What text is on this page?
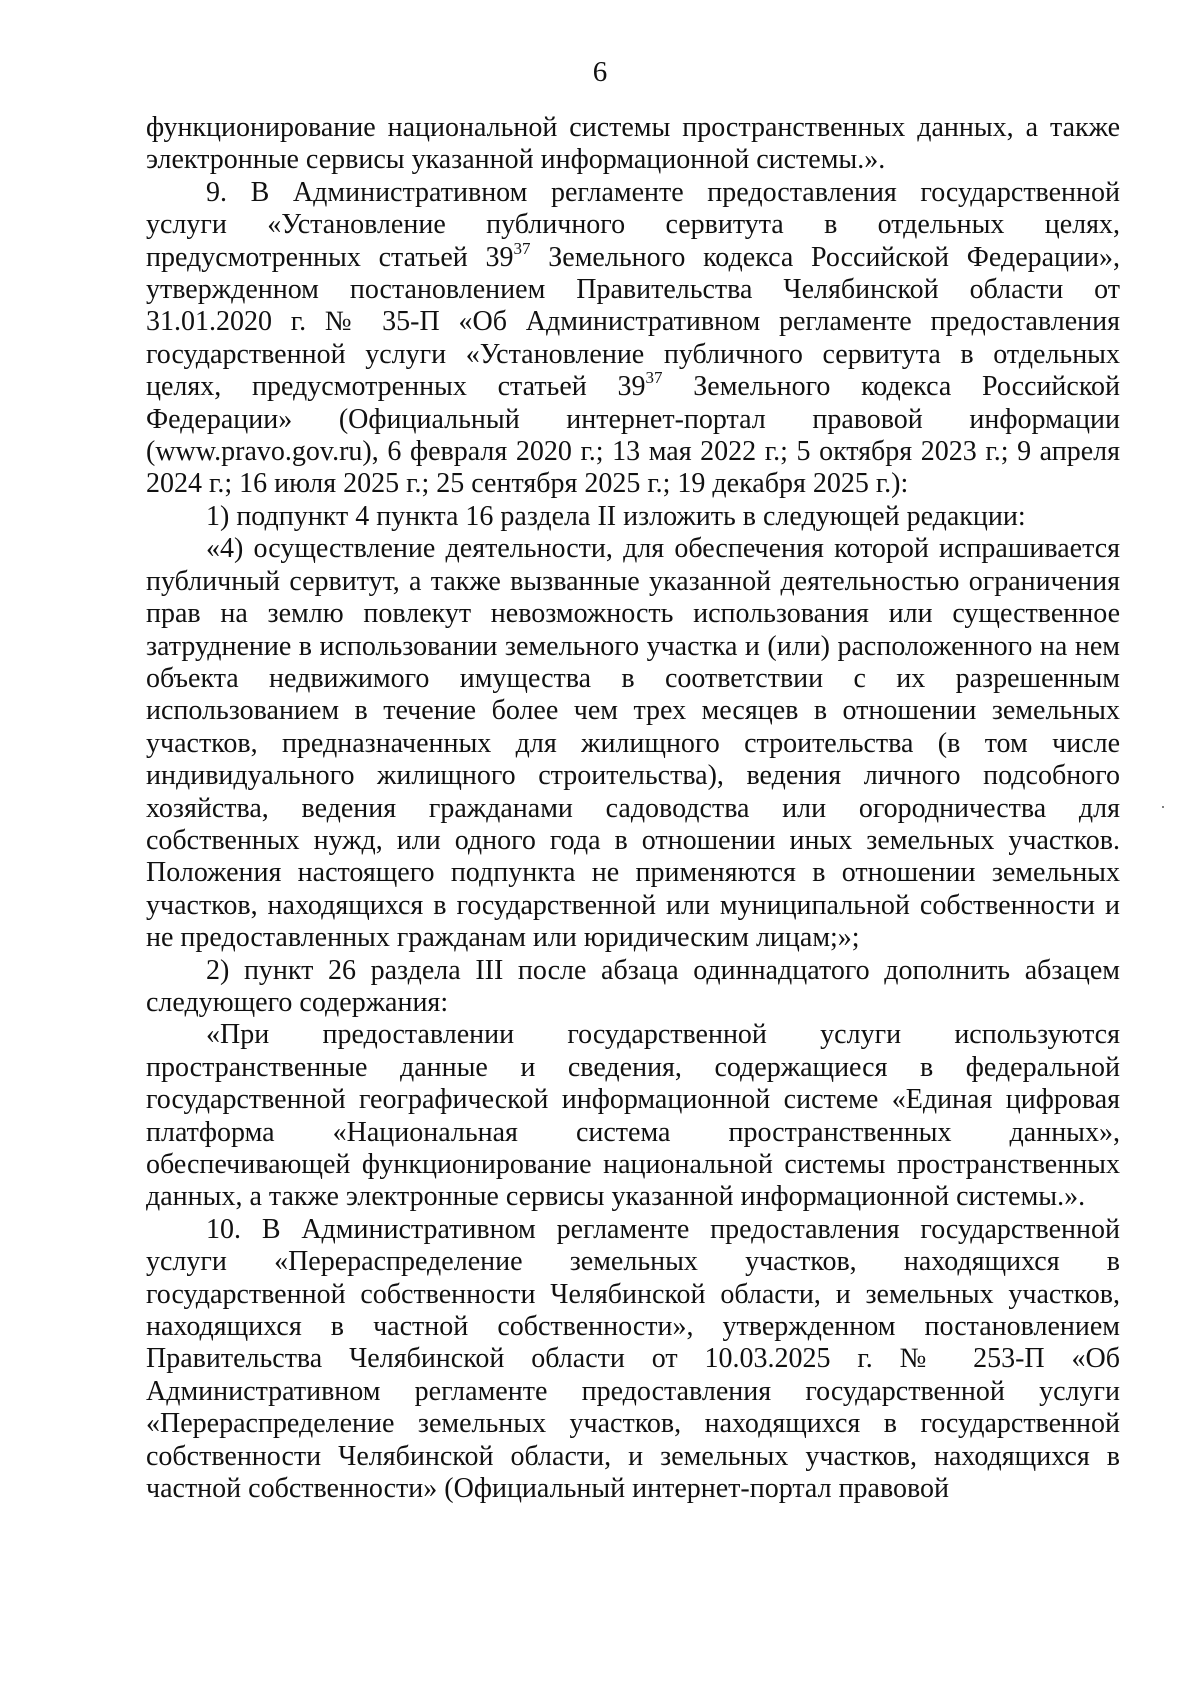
6

функционирование национальной системы пространственных данных, а также электронные сервисы указанной информационной системы.».

9. В Административном регламенте предоставления государственной услуги «Установление публичного сервитута в отдельных целях, предусмотренных статьей $39^{37}$ Земельного кодекса Российской Федерации», утвержденном постановлением Правительства Челябинской области от 31.01.2020 г. № 35-П «Об Административном регламенте предоставления государственной услуги «Установление публичного сервитута в отдельных целях, предусмотренных статьей $39^{37}$ Земельного кодекса Российской Федерации» (Официальный интернет-портал правовой информации (www.pravo.gov.ru), 6 февраля 2020 г.; 13 мая 2022 г.; 5 октября 2023 г.; 9 апреля 2024 г.; 16 июля 2025 г.; 25 сентября 2025 г.; 19 декабря 2025 г.):

1) подпункт 4 пункта 16 раздела II изложить в следующей редакции:

«4) осуществление деятельности, для обеспечения которой испрашивается публичный сервитут, а также вызванные указанной деятельностью ограничения прав на землю повлекут невозможность использования или существенное затруднение в использовании земельного участка и (или) расположенного на нем объекта недвижимого имущества в соответствии с их разрешенным использованием в течение более чем трех месяцев в отношении земельных участков, предназначенных для жилищного строительства (в том числе индивидуального жилищного строительства), ведения личного подсобного хозяйства, ведения гражданами садоводства или огородничества для собственных нужд, или одного года в отношении иных земельных участков. Положения настоящего подпункта не применяются в отношении земельных участков, находящихся в государственной или муниципальной собственности и не предоставленных гражданам или юридическим лицам;»;

2) пункт 26 раздела III после абзаца одиннадцатого дополнить абзацем следующего содержания:

«При предоставлении государственной услуги используются пространственные данные и сведения, содержащиеся в федеральной государственной географической информационной системе «Единая цифровая платформа «Национальная система пространственных данных», обеспечивающей функционирование национальной системы пространственных данных, а также электронные сервисы указанной информационной системы.».

10. В Административном регламенте предоставления государственной услуги «Перераспределение земельных участков, находящихся в государственной собственности Челябинской области, и земельных участков, находящихся в частной собственности», утвержденном постановлением Правительства Челябинской области от 10.03.2025 г. № 253-П «Об Административном регламенте предоставления государственной услуги «Перераспределение земельных участков, находящихся в государственной собственности Челябинской области, и земельных участков, находящихся в частной собственности» (Официальный интернет-портал правовой
